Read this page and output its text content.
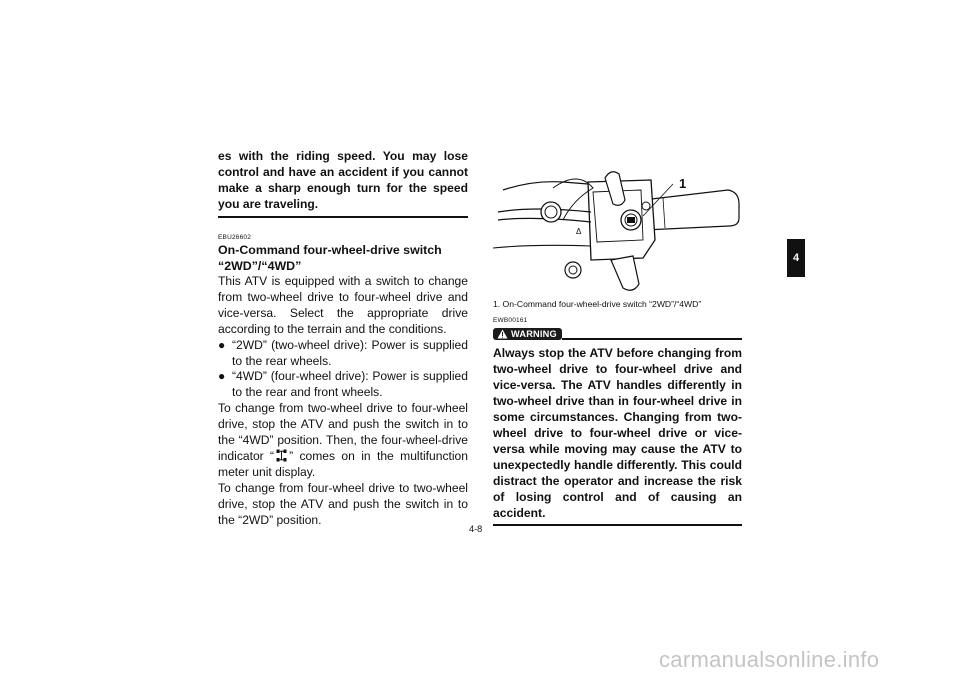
es with the riding speed. You may lose control and have an accident if you cannot make a sharp enough turn for the speed you are traveling.
EBU26602
On-Command four-wheel-drive switch “2WD”/“4WD”
This ATV is equipped with a switch to change from two-wheel drive to four-wheel drive and vice-versa. Select the appropriate drive according to the terrain and the conditions.
● “2WD” (two-wheel drive): Power is supplied to the rear wheels.
● “4WD” (four-wheel drive): Power is supplied to the rear and front wheels.
To change from two-wheel drive to four-wheel drive, stop the ATV and push the switch in to the “4WD” position. Then, the four-wheel-drive indicator “ ” comes on in the multifunction meter unit display.
To change from four-wheel drive to two-wheel drive, stop the ATV and push the switch in to the “2WD” position.
Δ
1
1. On-Command four-wheel-drive switch “2WD”/“4WD”
EWB00161
WARNING
Always stop the ATV before changing from two-wheel drive to four-wheel drive and vice-versa. The ATV handles differently in two-wheel drive than in four-wheel drive in some circumstances. Changing from two-wheel drive to four-wheel drive or vice-versa while moving may cause the ATV to unexpectedly handle differently. This could distract the operator and increase the risk of losing control and of causing an accident.
4
4-8
carmanualsonline.info
